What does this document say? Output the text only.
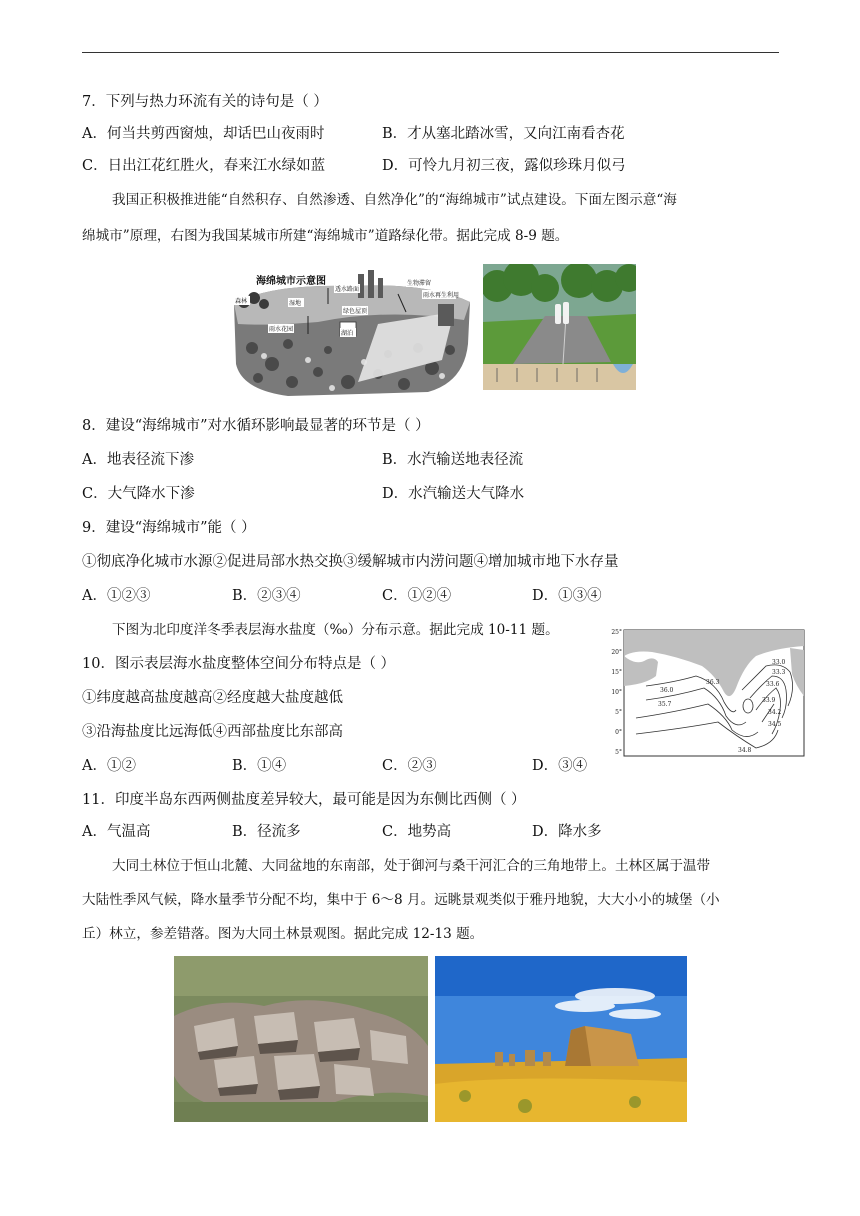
7．下列与热力环流有关的诗句是（ ）
A．何当共剪西窗烛，却话巴山夜雨时	B．才从塞北踏冰雪，又向江南看杏花
C．日出江花红胜火，春来江水绿如蓝	D．可怜九月初三夜，露似珍珠月似弓
我国正积极推进能“自然积存、自然渗透、自然净化”的“海绵城市”试点建设。下面左图示意“海
绵城市”原理，右图为我国某城市所建“海绵城市”道路绿化带。据此完成 8-9 题。
海绵城市示意图
森林	湿地
雨水花园
透水路面
生物滞留
雨水再生利用
绿色屋顶
湖泊
8．建设“海绵城市”对水循环影响最显著的环节是（ ）
A．地表径流下渗	B．水汽输送地表径流
C．大气降水下渗	D．水汽输送大气降水
9．建设“海绵城市”能（ ）
①彻底净化城市水源②促进局部水热交换③缓解城市内涝问题④增加城市地下水存量
A．①②③	B．②③④	C．①②④	D．①③④
下图为北印度洋冬季表层海水盐度（‰）分布示意。据此完成 10-11 题。	25°
20°
15°
10°
5°
0°
5°
36.3
36.0
35.7
33.0
33.3
33.6
33.9
34.2
34.5
34.8
10．图示表层海水盐度整体空间分布特点是（ ）
①纬度越高盐度越高②经度越大盐度越低
③沿海盐度比远海低④西部盐度比东部高
A．①②	B．①④	C．②③	D．③④
11．印度半岛东西两侧盐度差异较大，最可能是因为东侧比西侧（ ）
A．气温高	B．径流多	C．地势高	D．降水多
大同土林位于恒山北麓、大同盆地的东南部，处于御河与桑干河汇合的三角地带上。土林区属于温带
大陆性季风气候，降水量季节分配不均，集中于 6～8 月。远眺景观类似于雅丹地貌，大大小小的城堡（小
丘）林立，参差错落。图为大同土林景观图。据此完成 12-13 题。
